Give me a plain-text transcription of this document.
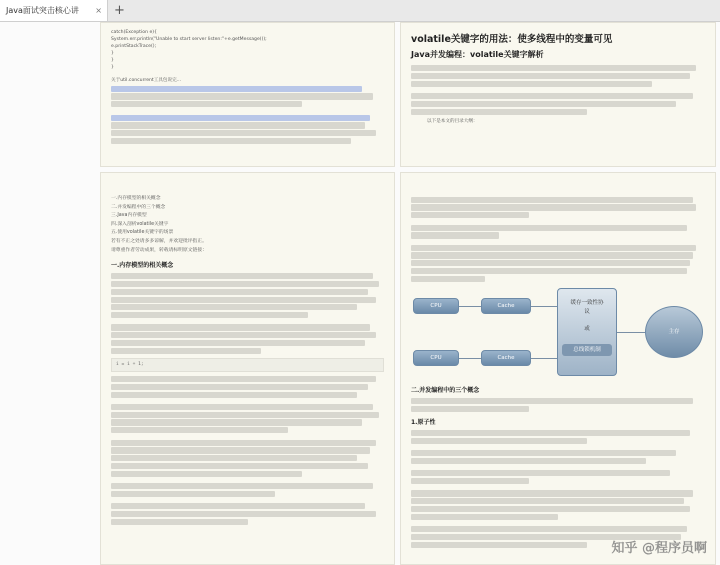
Java面试突击核心讲 × +
catch(Exception e){
System.err.println("Unable to start server listen:"+e.getMessage());
e.printStackTrace();
}
}
}
关于util.concurrent工具包说完...
volatile关键字的用法：使多线程中的变量可见
Java并发编程：volatile关键字解析
以下是本文的目录大纲：
一.内存模型的相关概念
二.并发编程中的三个概念
三.Java内存模型
四.深入剖析volatile关键字
五.使用volatile关键字的场景
若有不正之处请多多谅解，并欢迎批评指正。
请尊重作者劳动成果，转载请标明原文链接：
一.内存模型的相关概念
i = i + 1;
CPU
CPU
Cache
Cache
缓存一致性协议
或
总线锁机制
主存
二.并发编程中的三个概念
1.原子性
知乎 @程序员啊
